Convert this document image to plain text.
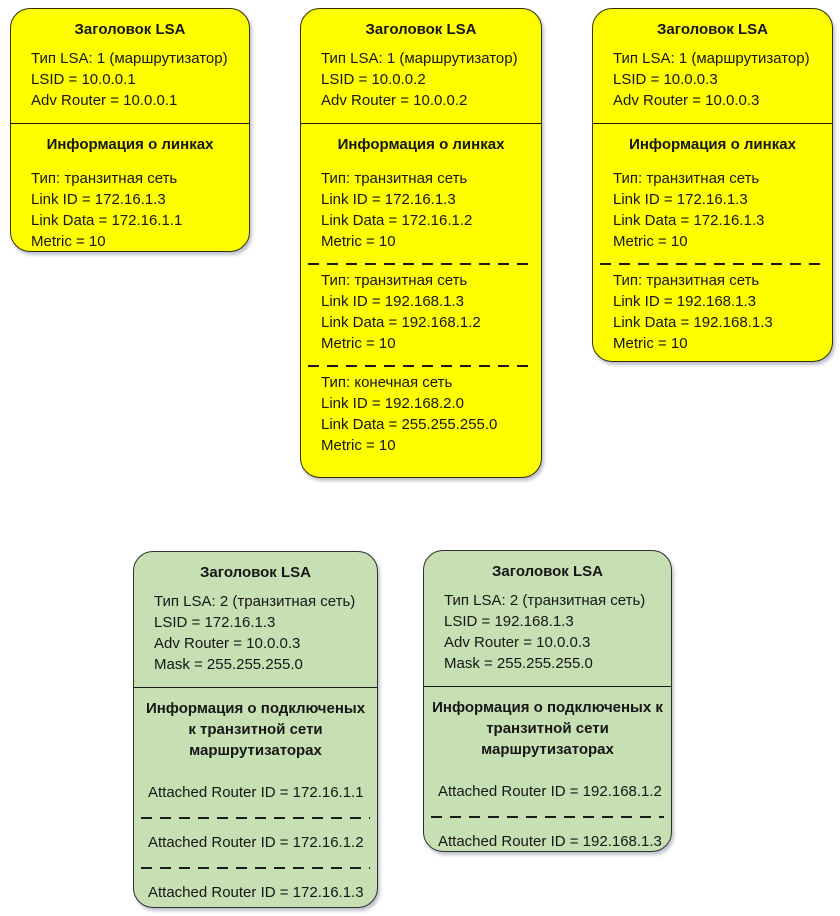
Заголовок LSA
Тип LSA: 1 (маршрутизатор)
LSID = 10.0.0.1
Adv Router = 10.0.0.1
Информация о линках
Тип: транзитная сеть
Link ID = 172.16.1.3
Link Data = 172.16.1.1
Metric = 10
Заголовок LSA
Тип LSA: 1 (маршрутизатор)
LSID = 10.0.0.2
Adv Router = 10.0.0.2
Информация о линках
Тип: транзитная сеть
Link ID = 172.16.1.3
Link Data = 172.16.1.2
Metric = 10
Тип: транзитная сеть
Link ID = 192.168.1.3
Link Data = 192.168.1.2
Metric = 10
Тип: конечная сеть
Link ID = 192.168.2.0
Link Data = 255.255.255.0
Metric = 10
Заголовок LSA
Тип LSA: 1 (маршрутизатор)
LSID = 10.0.0.3
Adv Router = 10.0.0.3
Информация о линках
Тип: транзитная сеть
Link ID = 172.16.1.3
Link Data = 172.16.1.3
Metric = 10
Тип: транзитная сеть
Link ID = 192.168.1.3
Link Data = 192.168.1.3
Metric = 10
Заголовок LSA
Тип LSA: 2 (транзитная сеть)
LSID = 172.16.1.3
Adv Router = 10.0.0.3
Mask = 255.255.255.0
Информация о подключеных к транзитной сети маршрутизаторах
Attached Router ID = 172.16.1.1
Attached Router ID = 172.16.1.2
Attached Router ID = 172.16.1.3
Заголовок LSA
Тип LSA: 2 (транзитная сеть)
LSID = 192.168.1.3
Adv Router = 10.0.0.3
Mask = 255.255.255.0
Информация о подключеных к транзитной сети маршрутизаторах
Attached Router ID = 192.168.1.2
Attached Router ID = 192.168.1.3
